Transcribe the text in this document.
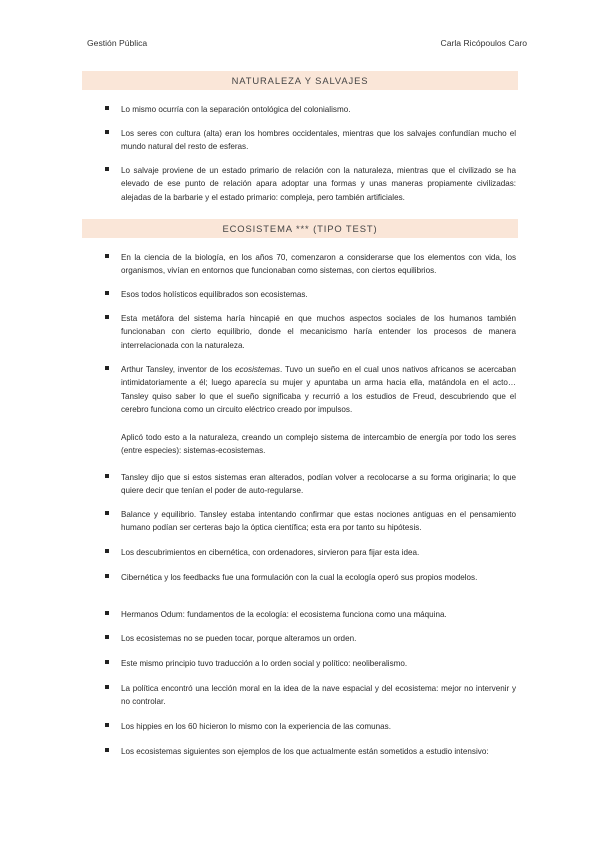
Gestión Pública	Carla Ricópoulos Caro
NATURALEZA Y SALVAJES
Lo mismo ocurría con la separación ontológica del colonialismo.
Los seres con cultura (alta) eran los hombres occidentales, mientras que los salvajes confundían mucho el mundo natural del resto de esferas.
Lo salvaje proviene de un estado primario de relación con la naturaleza, mientras que el civilizado se ha elevado de ese punto de relación apara adoptar una formas y unas maneras propiamente civilizadas: alejadas de la barbarie y el estado primario: compleja, pero también artificiales.
ECOSISTEMA *** (TIPO TEST)
En la ciencia de la biología, en los años 70, comenzaron a considerarse que los elementos con vida, los organismos, vivían en entornos que funcionaban como sistemas, con ciertos equilibrios.
Esos todos holísticos equilibrados son ecosistemas.
Esta metáfora del sistema haría hincapié en que muchos aspectos sociales de los humanos también funcionaban con cierto equilibrio, donde el mecanicismo haría entender los procesos de manera interrelacionada con la naturaleza.
Arthur Tansley, inventor de los ecosistemas. Tuvo un sueño en el cual unos nativos africanos se acercaban intimidatoriamente a él; luego aparecía su mujer y apuntaba un arma hacia ella, matándola en el acto… Tansley quiso saber lo que el sueño significaba y recurrió a los estudios de Freud, descubriendo que el cerebro funciona como un circuito eléctrico creado por impulsos.
Aplicó todo esto a la naturaleza, creando un complejo sistema de intercambio de energía por todo los seres (entre especies): sistemas-ecosistemas.
Tansley dijo que si estos sistemas eran alterados, podían volver a recolocarse a su forma originaria; lo que quiere decir que tenían el poder de auto-regularse.
Balance y equilibrio. Tansley estaba intentando confirmar que estas nociones antiguas en el pensamiento humano podían ser certeras bajo la óptica científica; esta era por tanto su hipótesis.
Los descubrimientos en cibernética, con ordenadores, sirvieron para fijar esta idea.
Cibernética y los feedbacks fue una formulación con la cual la ecología operó sus propios modelos.
Hermanos Odum: fundamentos de la ecología: el ecosistema funciona como una máquina.
Los ecosistemas no se pueden tocar, porque alteramos un orden.
Este mismo principio tuvo traducción a lo orden social y político: neoliberalismo.
La política encontró una lección moral en la idea de la nave espacial y del ecosistema: mejor no intervenir y no controlar.
Los hippies en los 60 hicieron lo mismo con la experiencia de las comunas.
Los ecosistemas siguientes son ejemplos de los que actualmente están sometidos a estudio intensivo:
